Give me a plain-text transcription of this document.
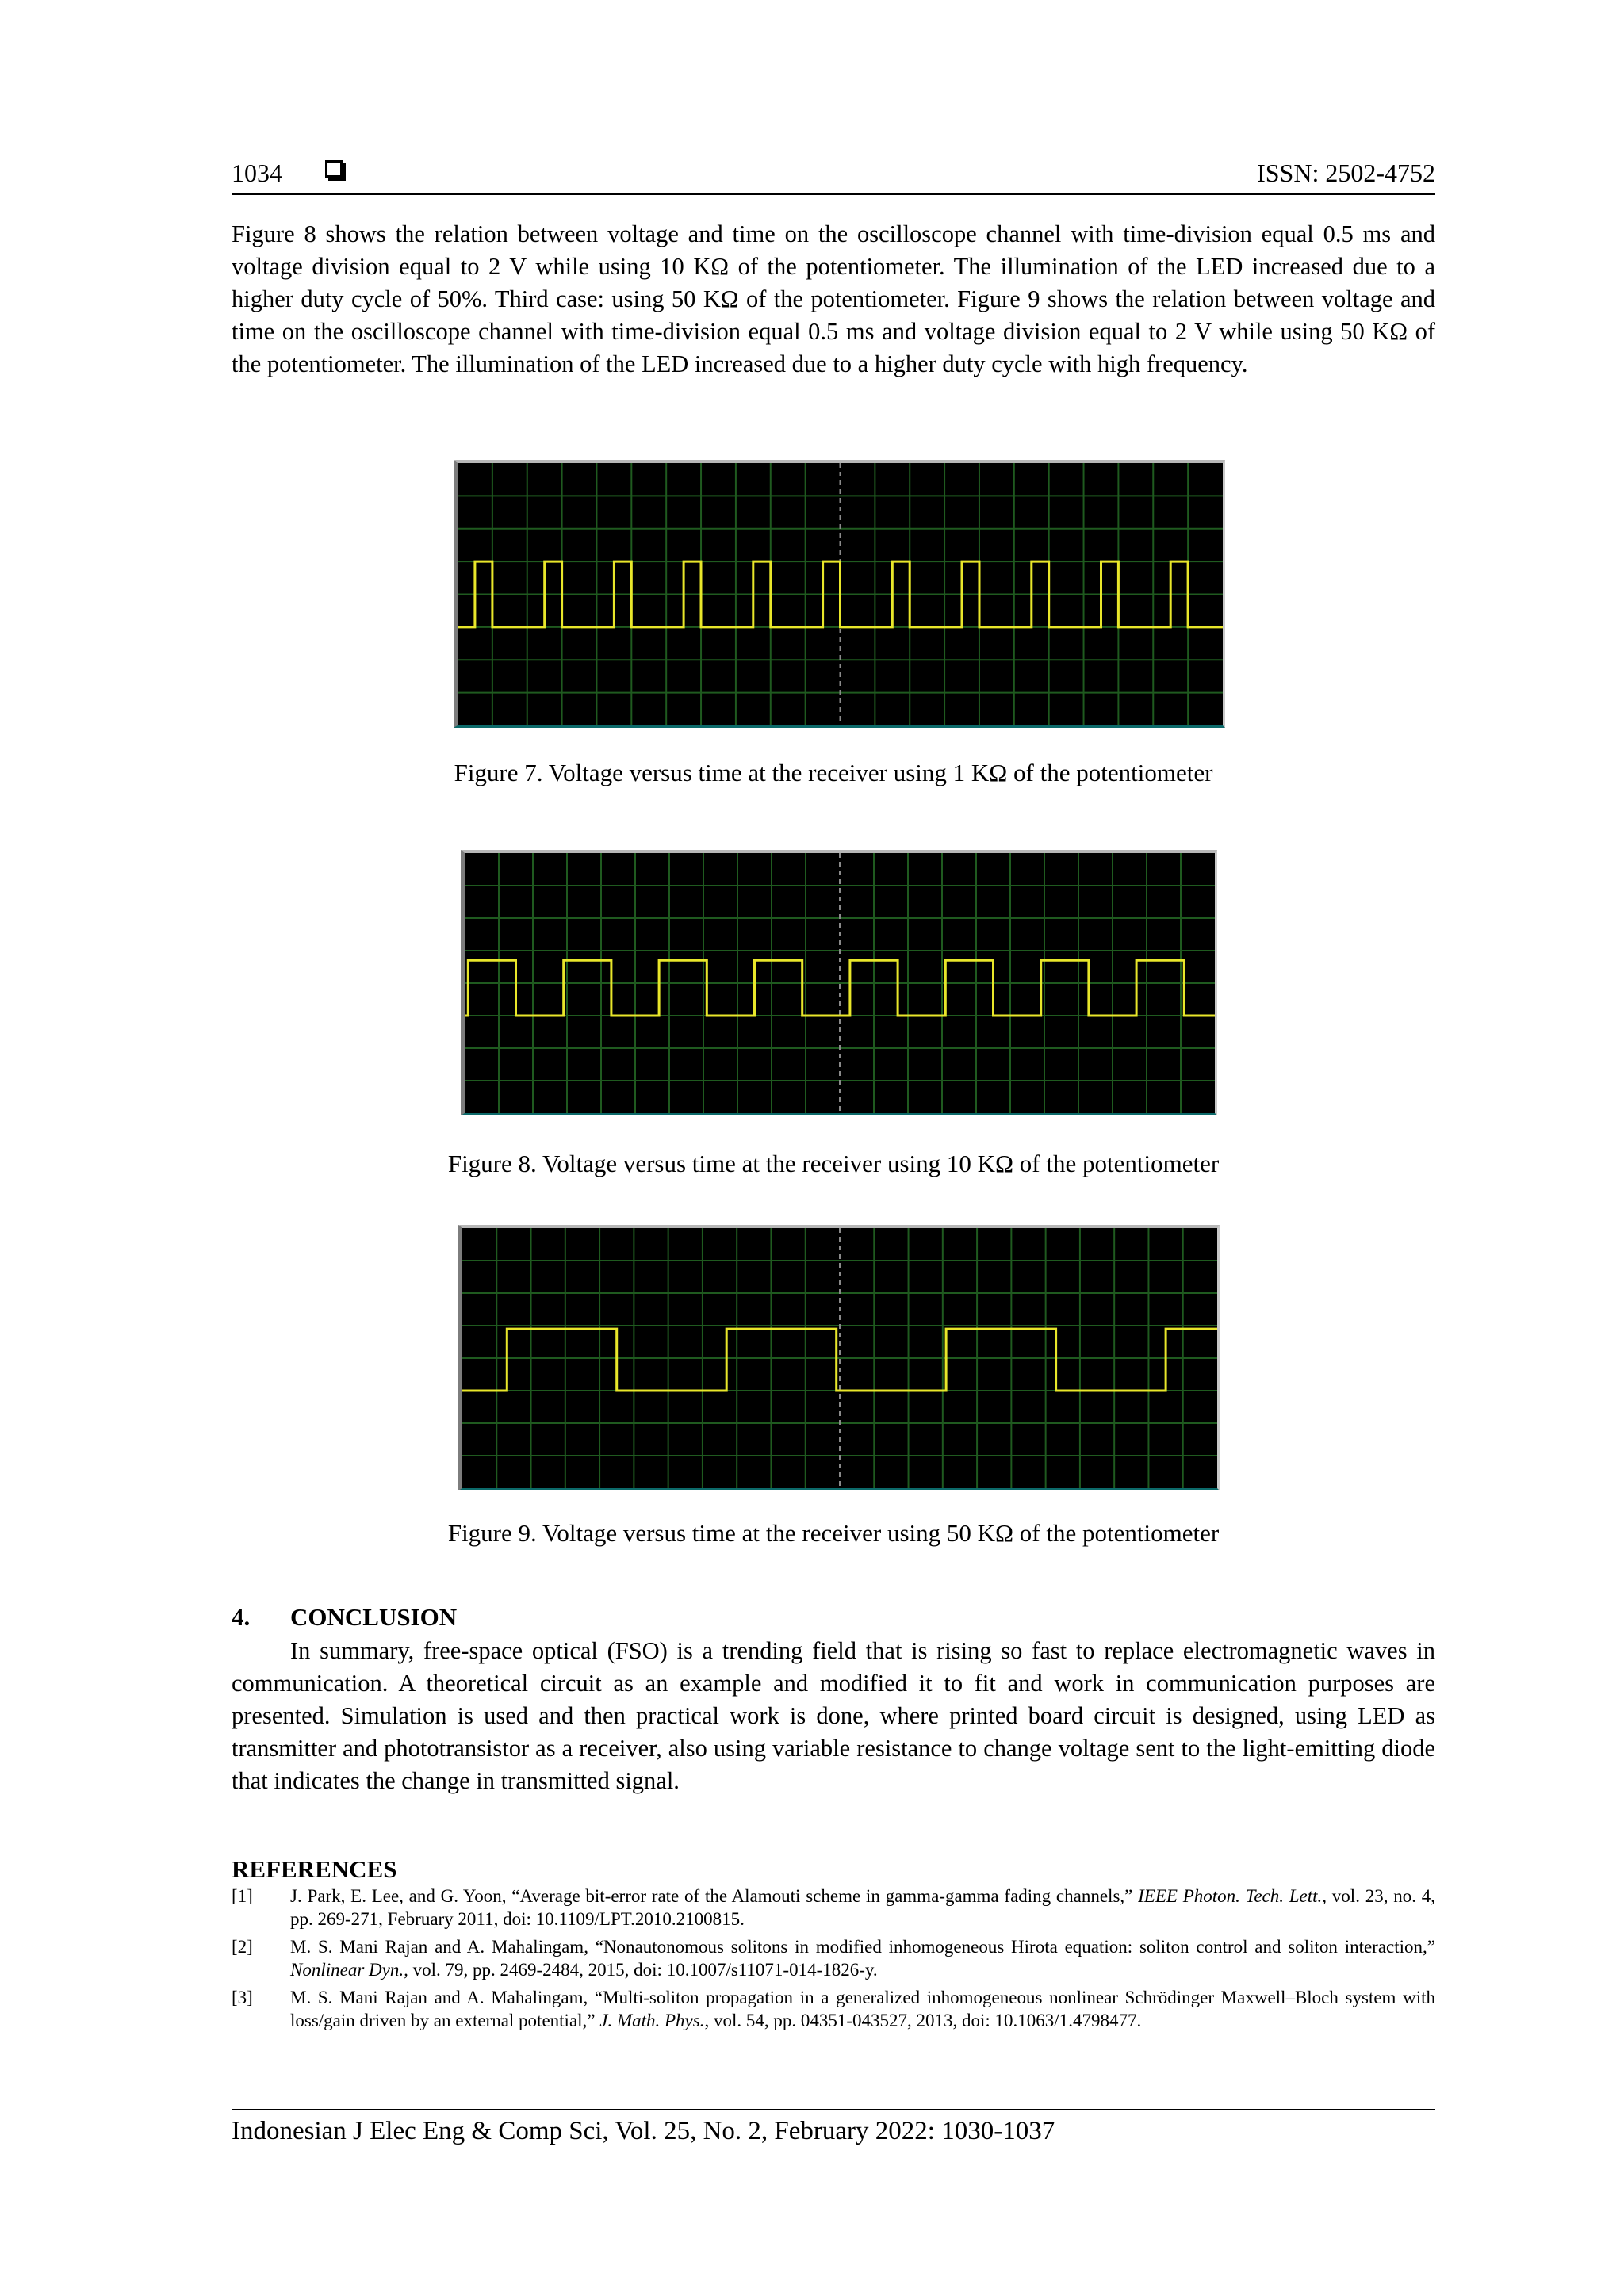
1034	ISSN: 2502-4752

Figure 8 shows the relation between voltage and time on the oscilloscope channel with time-division equal 0.5 ms and voltage division equal to 2 V while using 10 KΩ of the potentiometer. The illumination of the LED increased due to a higher duty cycle of 50%. Third case: using 50 KΩ of the potentiometer. Figure 9 shows the relation between voltage and time on the oscilloscope channel with time-division equal 0.5 ms and voltage division equal to 2 V while using 50 KΩ of the potentiometer. The illumination of the LED increased due to a higher duty cycle with high frequency.

Figure 7. Voltage versus time at the receiver using 1 KΩ of the potentiometer
Figure 8. Voltage versus time at the receiver using 10 KΩ of the potentiometer
Figure 9. Voltage versus time at the receiver using 50 KΩ of the potentiometer
4. CONCLUSION

In summary, free-space optical (FSO) is a trending field that is rising so fast to replace electromagnetic waves in communication. A theoretical circuit as an example and modified it to fit and work in communication purposes are presented. Simulation is used and then practical work is done, where printed board circuit is designed, using LED as transmitter and phototransistor as a receiver, also using variable resistance to change voltage sent to the light-emitting diode that indicates the change in transmitted signal.

REFERENCES
[1]	J. Park, E. Lee, and G. Yoon, “Average bit-error rate of the Alamouti scheme in gamma-gamma fading channels,” IEEE Photon. Tech. Lett., vol. 23, no. 4, pp. 269-271, February 2011, doi: 10.1109/LPT.2010.2100815.
[2]	M. S. Mani Rajan and A. Mahalingam, “Nonautonomous solitons in modified inhomogeneous Hirota equation: soliton control and soliton interaction,” Nonlinear Dyn., vol. 79, pp. 2469-2484, 2015, doi: 10.1007/s11071-014-1826-y.
[3]	M. S. Mani Rajan and A. Mahalingam, “Multi-soliton propagation in a generalized inhomogeneous nonlinear Schrödinger Maxwell–Bloch system with loss/gain driven by an external potential,” J. Math. Phys., vol. 54, pp. 04351-043527, 2013, doi: 10.1063/1.4798477.
Indonesian J Elec Eng & Comp Sci, Vol. 25, No. 2, February 2022: 1030-1037
